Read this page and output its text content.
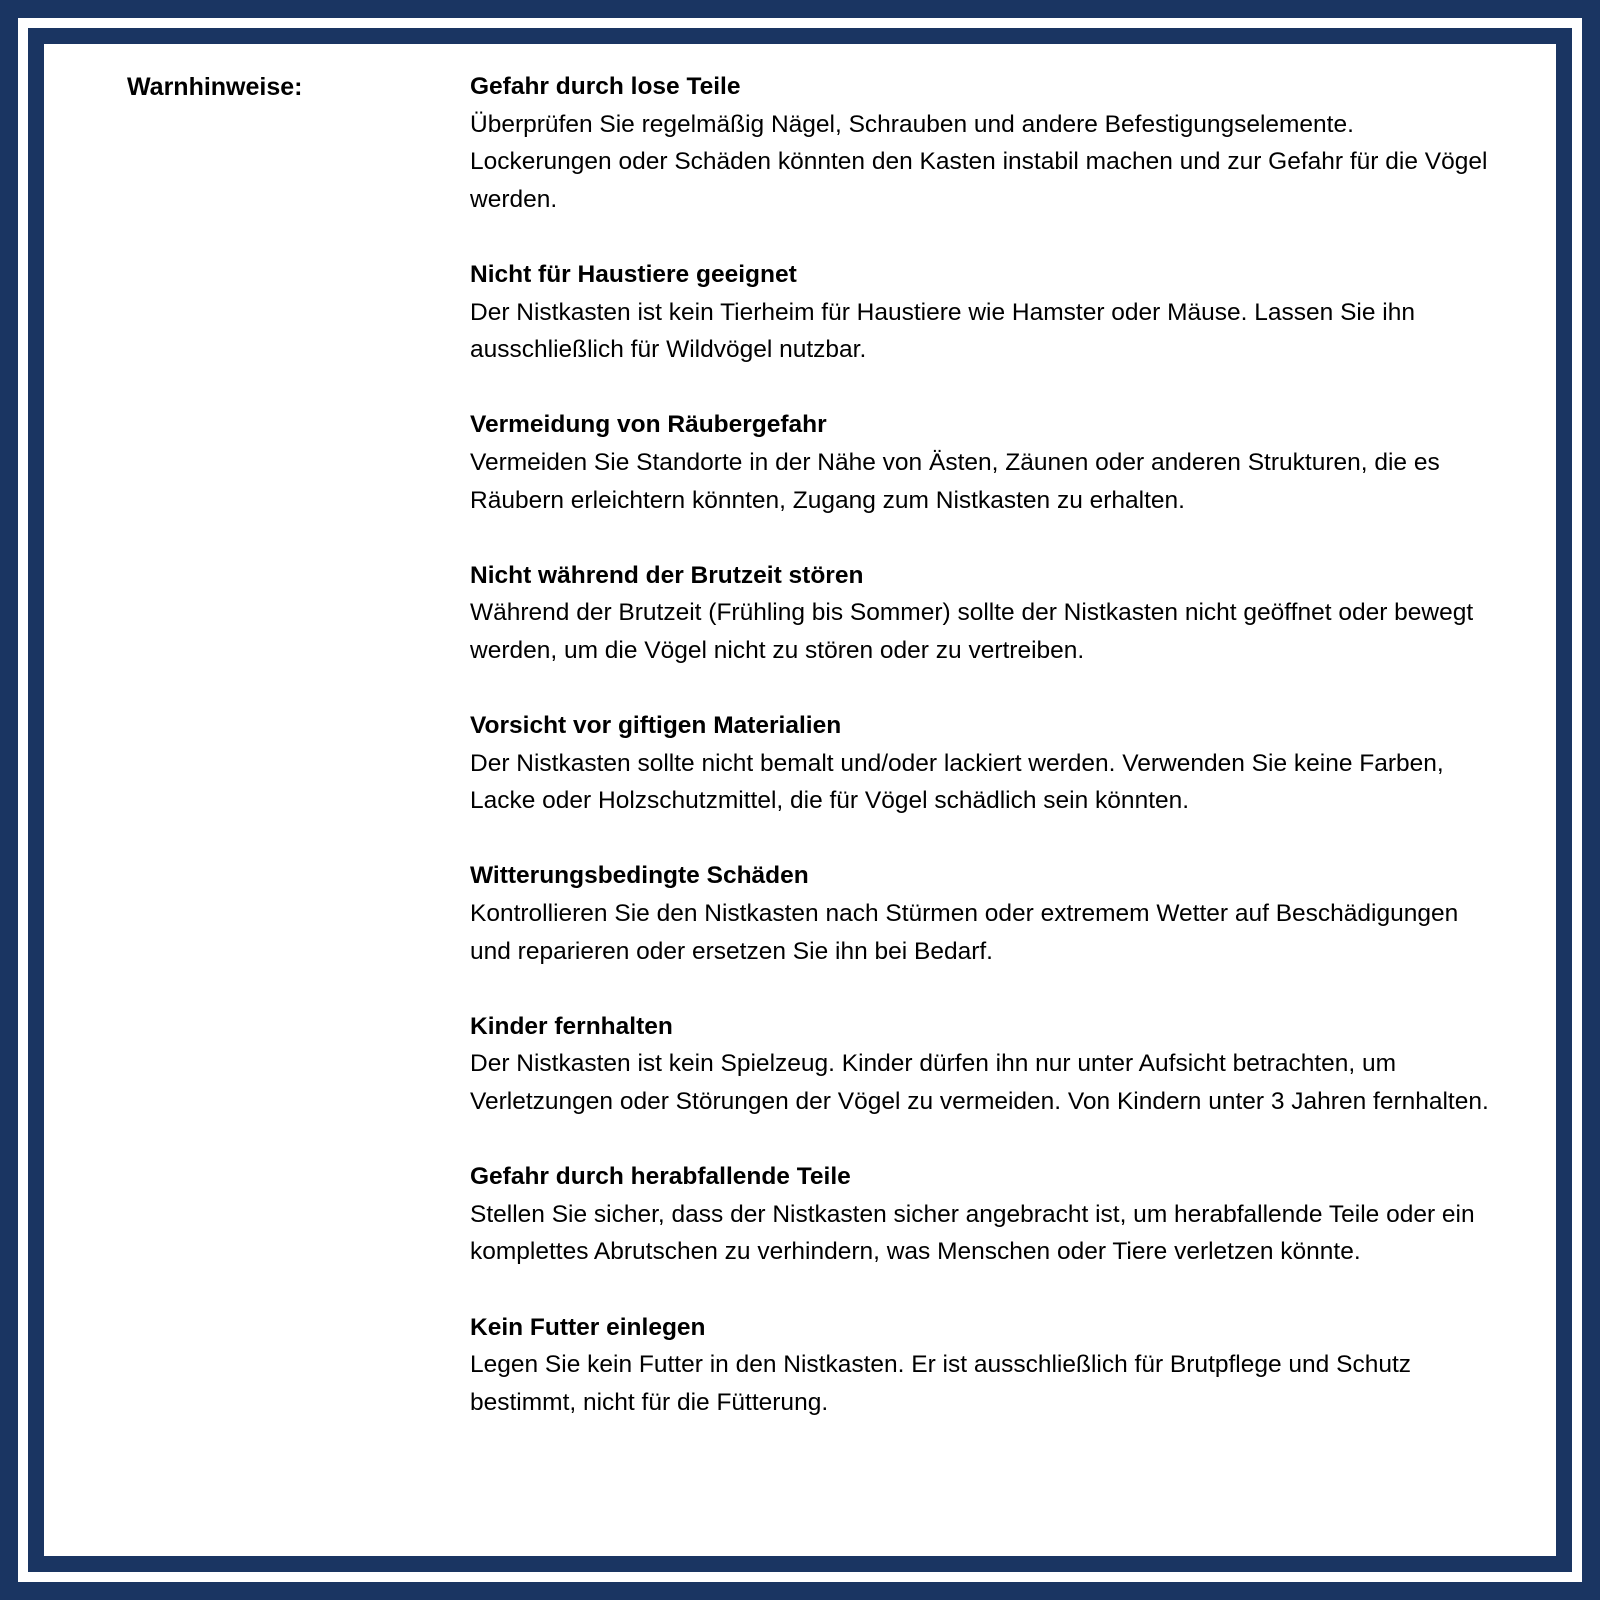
Warnhinweise:	Gefahr durch lose Teile
Überprüfen Sie regelmäßig Nägel, Schrauben und andere Befestigungselemente. Lockerungen oder Schäden könnten den Kasten instabil machen und zur Gefahr für die Vögel werden.
Nicht für Haustiere geeignet
Der Nistkasten ist kein Tierheim für Haustiere wie Hamster oder Mäuse. Lassen Sie ihn ausschließlich für Wildvögel nutzbar.
Vermeidung von Räubergefahr
Vermeiden Sie Standorte in der Nähe von Ästen, Zäunen oder anderen Strukturen, die es Räubern erleichtern könnten, Zugang zum Nistkasten zu erhalten.
Nicht während der Brutzeit stören
Während der Brutzeit (Frühling bis Sommer) sollte der Nistkasten nicht geöffnet oder bewegt werden, um die Vögel nicht zu stören oder zu vertreiben.
Vorsicht vor giftigen Materialien
Der Nistkasten sollte nicht bemalt und/oder lackiert werden. Verwenden Sie keine Farben, Lacke oder Holzschutzmittel, die für Vögel schädlich sein könnten.
Witterungsbedingte Schäden
Kontrollieren Sie den Nistkasten nach Stürmen oder extremem Wetter auf Beschädigungen und reparieren oder ersetzen Sie ihn bei Bedarf.
Kinder fernhalten
Der Nistkasten ist kein Spielzeug. Kinder dürfen ihn nur unter Aufsicht betrachten, um Verletzungen oder Störungen der Vögel zu vermeiden. Von Kindern unter 3 Jahren fernhalten.
Gefahr durch herabfallende Teile
Stellen Sie sicher, dass der Nistkasten sicher angebracht ist, um herabfallende Teile oder ein komplettes Abrutschen zu verhindern, was Menschen oder Tiere verletzen könnte.
Kein Futter einlegen
Legen Sie kein Futter in den Nistkasten. Er ist ausschließlich für Brutpflege und Schutz bestimmt, nicht für die Fütterung.
